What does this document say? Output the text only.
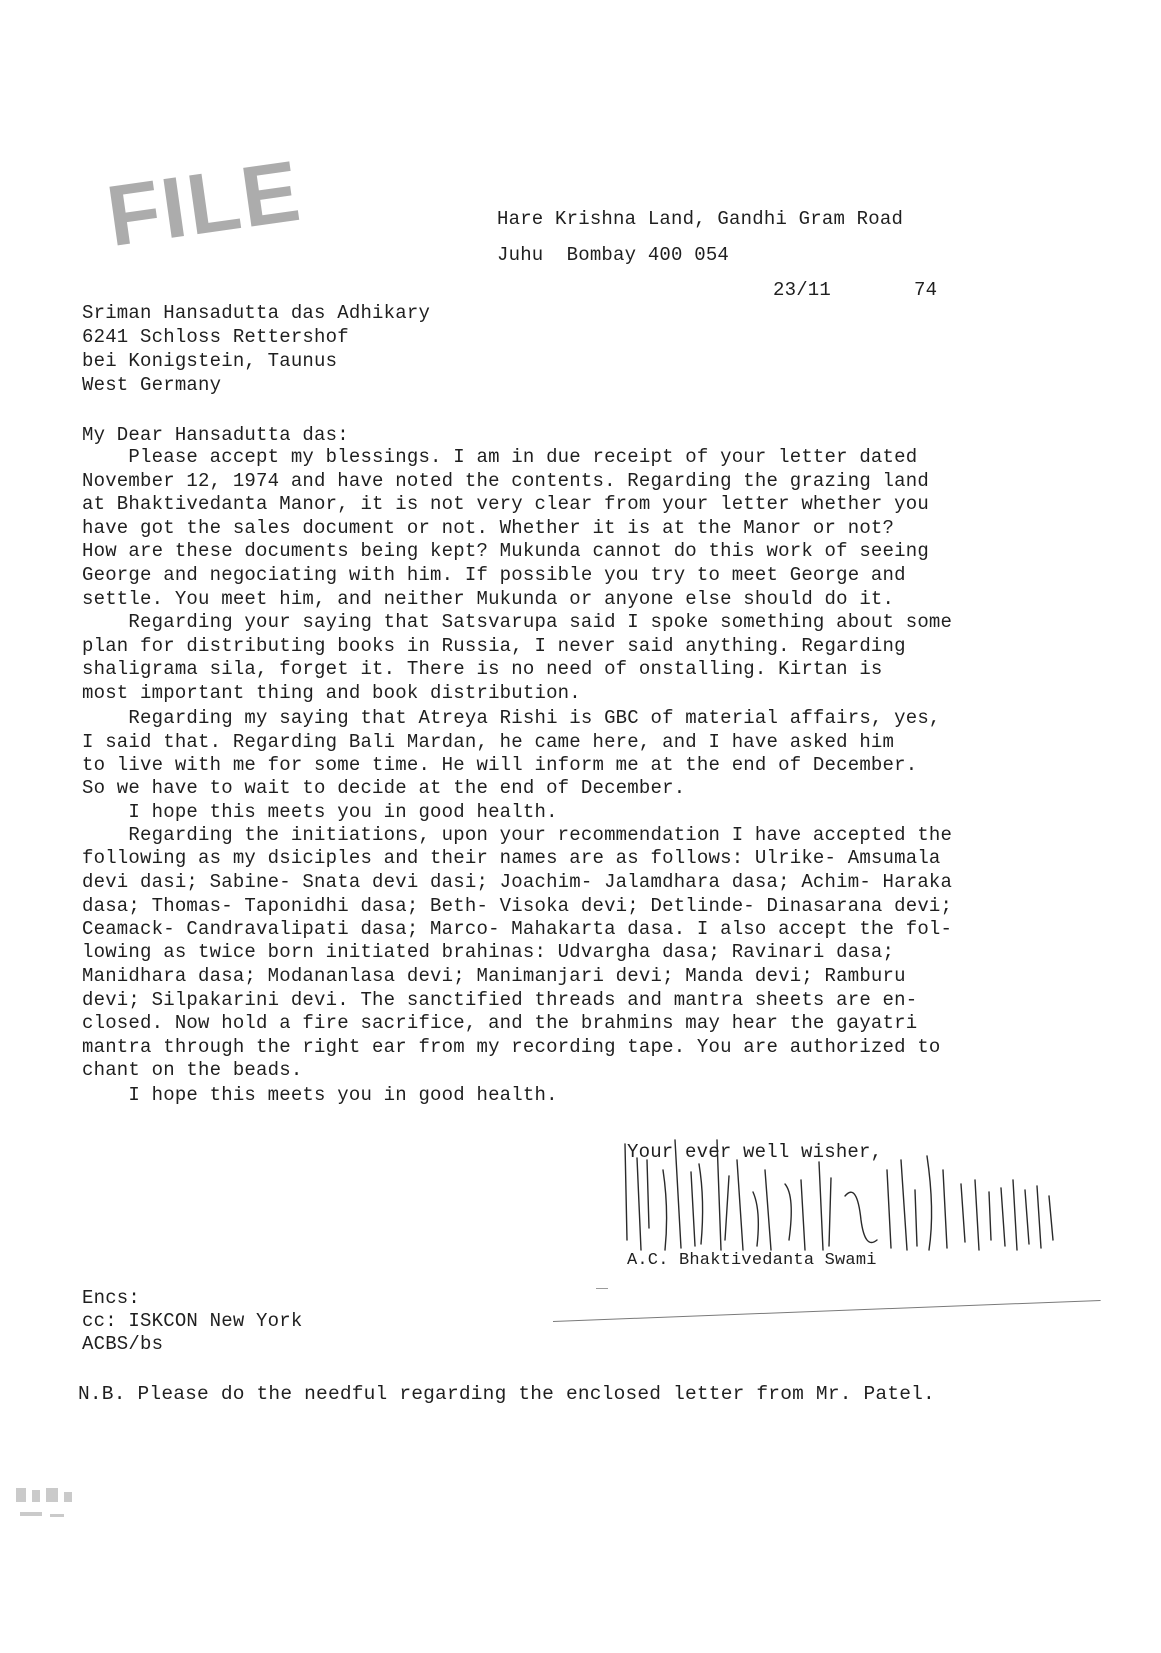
FILE	Hare Krishna Land, Gandhi Gram Road
Juhu  Bombay 400 054
23/11	74
Sriman Hansadutta das Adhikary
6241 Schloss Rettershof
bei Konigstein, Taunus
West Germany
My Dear Hansadutta das:
Please accept my blessings. I am in due receipt of your letter dated
November 12, 1974 and have noted the contents. Regarding the grazing land
at Bhaktivedanta Manor, it is not very clear from your letter whether you
have got the sales document or not. Whether it is at the Manor or not?
How are these documents being kept? Mukunda cannot do this work of seeing
George and negociating with him. If possible you try to meet George and
settle. You meet him, and neither Mukunda or anyone else should do it.
Regarding your saying that Satsvarupa said I spoke something about some
plan for distributing books in Russia, I never said anything. Regarding
shaligrama sila, forget it. There is no need of onstalling. Kirtan is
most important thing and book distribution.
Regarding my saying that Atreya Rishi is GBC of material affairs, yes,
I said that. Regarding Bali Mardan, he came here, and I have asked him
to live with me for some time. He will inform me at the end of December.
So we have to wait to decide at the end of December.
I hope this meets you in good health.
Regarding the initiations, upon your recommendation I have accepted the
following as my dsiciples and their names are as follows: Ulrike- Amsumala
devi dasi; Sabine- Snata devi dasi; Joachim- Jalamdhara dasa; Achim- Haraka
dasa; Thomas- Taponidhi dasa; Beth- Visoka devi; Detlinde- Dinasarana devi;
Ceamack- Candravalipati dasa; Marco- Mahakarta dasa. I also accept the fol-
lowing as twice born initiated brahinas: Udvargha dasa; Ravinari dasa;
Manidhara dasa; Modananlasa devi; Manimanjari devi; Manda devi; Ramburu
devi; Silpakarini devi. The sanctified threads and mantra sheets are en-
closed. Now hold a fire sacrifice, and the brahmins may hear the gayatri
mantra through the right ear from my recording tape. You are authorized to
chant on the beads.
I hope this meets you in good health.
Your ever well wisher,
A.C. Bhaktivedanta Swami
Encs:
cc: ISKCON New York
ACBS/bs
N.B. Please do the needful regarding the enclosed letter from Mr. Patel.
